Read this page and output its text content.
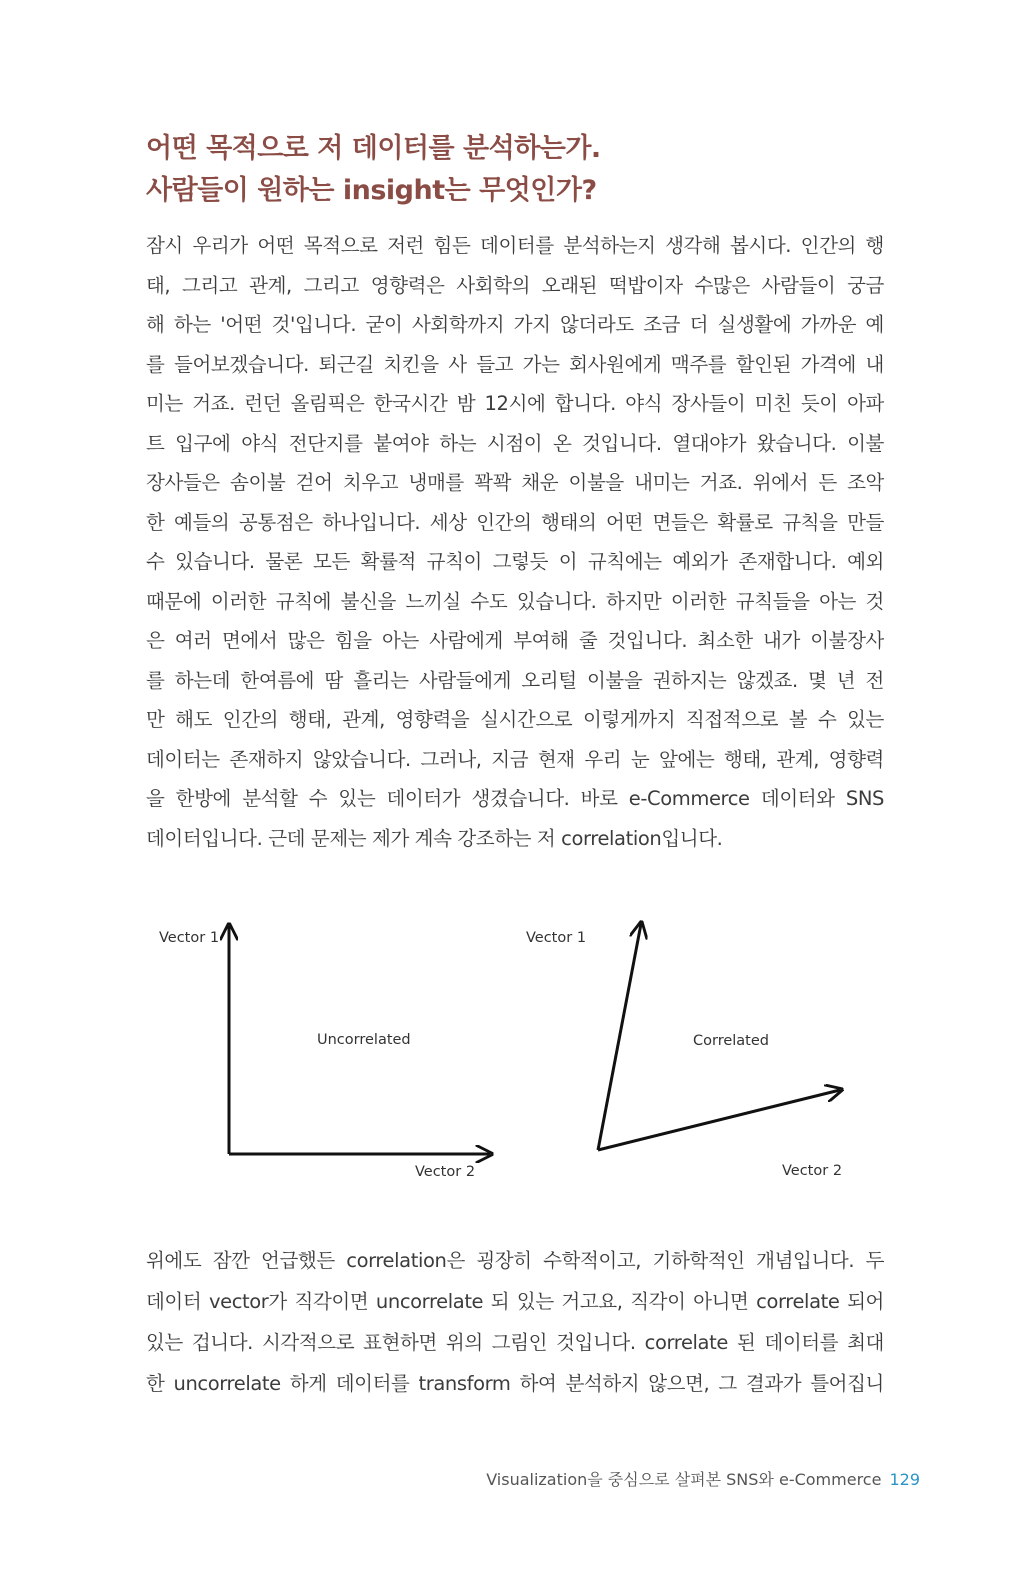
어떤 목적으로 저 데이터를 분석하는가.
사람들이 원하는 insight는 무엇인가?
잠시 우리가 어떤 목적으로 저런 힘든 데이터를 분석하는지 생각해 봅시다. 인간의 행
태, 그리고 관계, 그리고 영향력은 사회학의 오래된 떡밥이자 수많은 사람들이 궁금
해 하는 '어떤 것'입니다. 굳이 사회학까지 가지 않더라도 조금 더 실생활에 가까운 예
를 들어보겠습니다. 퇴근길 치킨을 사 들고 가는 회사원에게 맥주를 할인된 가격에 내
미는 거죠. 런던 올림픽은 한국시간 밤 12시에 합니다. 야식 장사들이 미친 듯이 아파
트 입구에 야식 전단지를 붙여야 하는 시점이 온 것입니다. 열대야가 왔습니다. 이불
장사들은 솜이불 걷어 치우고 냉매를 꽉꽉 채운 이불을 내미는 거죠. 위에서 든 조악
한 예들의 공통점은 하나입니다. 세상 인간의 행태의 어떤 면들은 확률로 규칙을 만들
수 있습니다. 물론 모든 확률적 규칙이 그렇듯 이 규칙에는 예외가 존재합니다. 예외
때문에 이러한 규칙에 불신을 느끼실 수도 있습니다. 하지만 이러한 규칙들을 아는 것
은 여러 면에서 많은 힘을 아는 사람에게 부여해 줄 것입니다. 최소한 내가 이불장사
를 하는데 한여름에 땀 흘리는 사람들에게 오리털 이불을 권하지는 않겠죠. 몇 년 전
만 해도 인간의 행태, 관계, 영향력을 실시간으로 이렇게까지 직접적으로 볼 수 있는
데이터는 존재하지 않았습니다. 그러나, 지금 현재 우리 눈 앞에는 행태, 관계, 영향력
을 한방에 분석할 수 있는 데이터가 생겼습니다. 바로 e-Commerce 데이터와 SNS
데이터입니다. 근데 문제는 제가 계속 강조하는 저 correlation입니다.
Vector 1
Vector 2
Uncorrelated
Vector 1
Vector 2
Correlated
위에도 잠깐 언급했든 correlation은 굉장히 수학적이고, 기하학적인 개념입니다. 두
데이터 vector가 직각이면 uncorrelate 되 있는 거고요, 직각이 아니면 correlate 되어
있는 겁니다. 시각적으로 표현하면 위의 그림인 것입니다. correlate 된 데이터를 최대
한 uncorrelate 하게 데이터를 transform 하여 분석하지 않으면, 그 결과가 틀어집니
Visualization을 중심으로 살펴본 SNS와 e-Commerce 129
